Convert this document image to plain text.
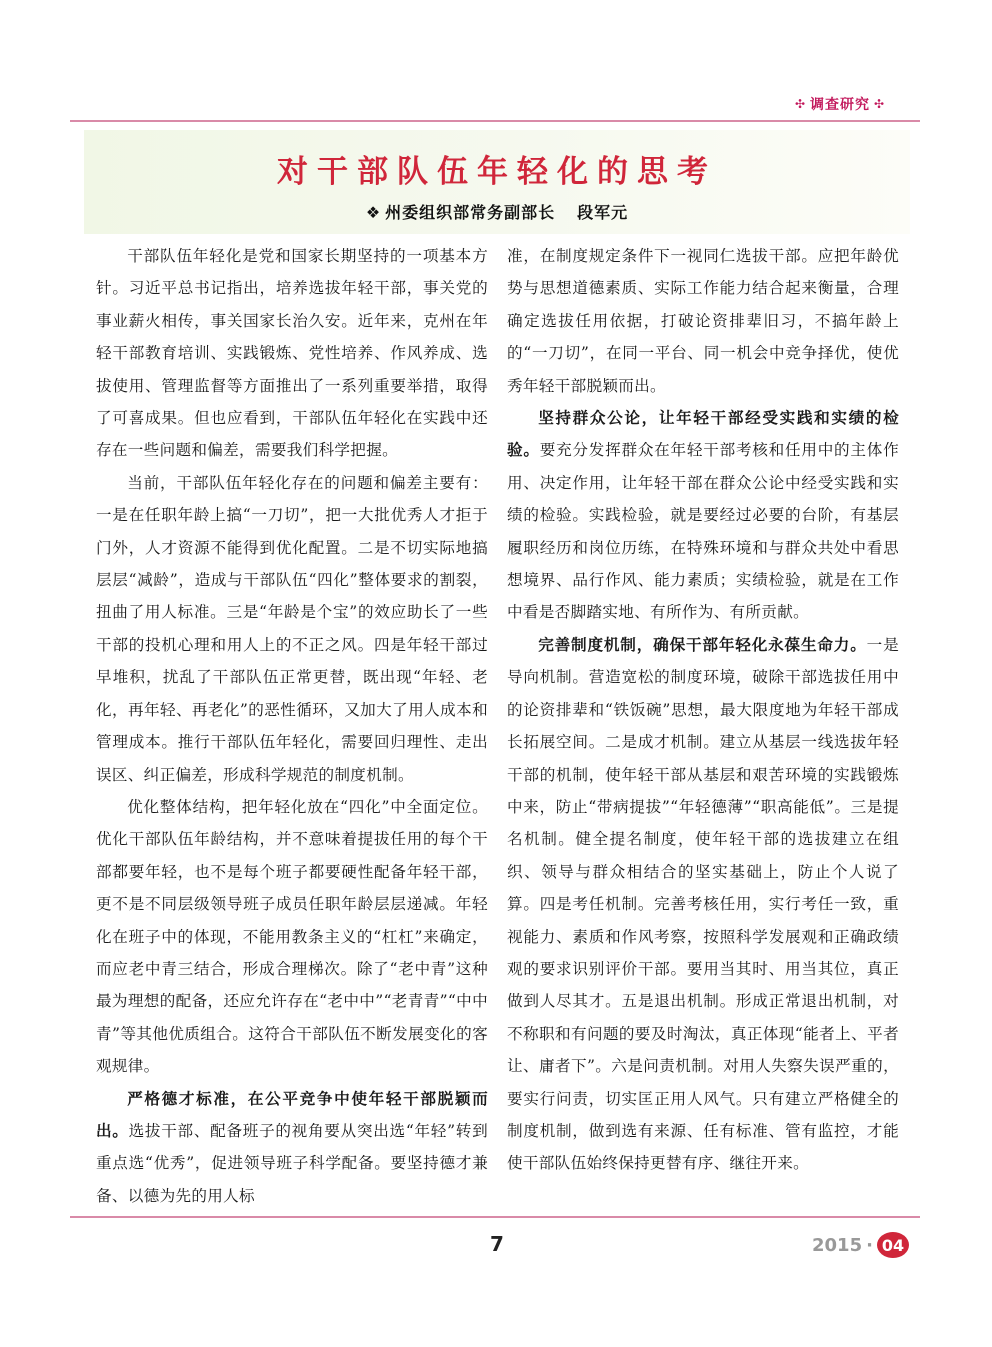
✣ 调查研究 ✣
对干部队伍年轻化的思考
❖ 州委组织部常务副部长 段军元

干部队伍年轻化是党和国家长期坚持的一项基本方针。习近平总书记指出，培养选拔年轻干部，事关党的事业薪火相传，事关国家长治久安。近年来，克州在年轻干部教育培训、实践锻炼、党性培养、作风养成、选拔使用、管理监督等方面推出了一系列重要举措，取得了可喜成果。但也应看到，干部队伍年轻化在实践中还存在一些问题和偏差，需要我们科学把握。

当前，干部队伍年轻化存在的问题和偏差主要有：一是在任职年龄上搞“一刀切”，把一大批优秀人才拒于门外，人才资源不能得到优化配置。二是不切实际地搞层层“减龄”，造成与干部队伍“四化”整体要求的割裂，扭曲了用人标准。三是“年龄是个宝”的效应助长了一些干部的投机心理和用人上的不正之风。四是年轻干部过早堆积，扰乱了干部队伍正常更替，既出现“年轻、老化，再年轻、再老化”的恶性循环，又加大了用人成本和管理成本。推行干部队伍年轻化，需要回归理性、走出误区、纠正偏差，形成科学规范的制度机制。

优化整体结构，把年轻化放在“四化”中全面定位。优化干部队伍年龄结构，并不意味着提拔任用的每个干部都要年轻，也不是每个班子都要硬性配备年轻干部，更不是不同层级领导班子成员任职年龄层层递减。年轻化在班子中的体现，不能用教条主义的“杠杠”来确定，而应老中青三结合，形成合理梯次。除了“老中青”这种最为理想的配备，还应允许存在“老中中”“老青青”“中中青”等其他优质组合。这符合干部队伍不断发展变化的客观规律。

严格德才标准，在公平竞争中使年轻干部脱颖而出。选拔干部、配备班子的视角要从突出选“年轻”转到重点选“优秀”，促进领导班子科学配备。要坚持德才兼备、以德为先的用人标

准，在制度规定条件下一视同仁选拔干部。应把年龄优势与思想道德素质、实际工作能力结合起来衡量，合理确定选拔任用依据，打破论资排辈旧习，不搞年龄上的“一刀切”，在同一平台、同一机会中竞争择优，使优秀年轻干部脱颖而出。

坚持群众公论，让年轻干部经受实践和实绩的检验。要充分发挥群众在年轻干部考核和任用中的主体作用、决定作用，让年轻干部在群众公论中经受实践和实绩的检验。实践检验，就是要经过必要的台阶，有基层履职经历和岗位历练，在特殊环境和与群众共处中看思想境界、品行作风、能力素质；实绩检验，就是在工作中看是否脚踏实地、有所作为、有所贡献。

完善制度机制，确保干部年轻化永葆生命力。一是导向机制。营造宽松的制度环境，破除干部选拔任用中的论资排辈和“铁饭碗”思想，最大限度地为年轻干部成长拓展空间。二是成才机制。建立从基层一线选拔年轻干部的机制，使年轻干部从基层和艰苦环境的实践锻炼中来，防止“带病提拔”“年轻德薄”“职高能低”。三是提名机制。健全提名制度，使年轻干部的选拔建立在组织、领导与群众相结合的坚实基础上，防止个人说了算。四是考任机制。完善考核任用，实行考任一致，重视能力、素质和作风考察，按照科学发展观和正确政绩观的要求识别评价干部。要用当其时、用当其位，真正做到人尽其才。五是退出机制。形成正常退出机制，对不称职和有问题的要及时淘汰，真正体现“能者上、平者让、庸者下”。六是问责机制。对用人失察失误严重的，要实行问责，切实匡正用人风气。只有建立严格健全的制度机制，做到选有来源、任有标准、管有监控，才能使干部队伍始终保持更替有序、继往开来。

7	2015 · 04
